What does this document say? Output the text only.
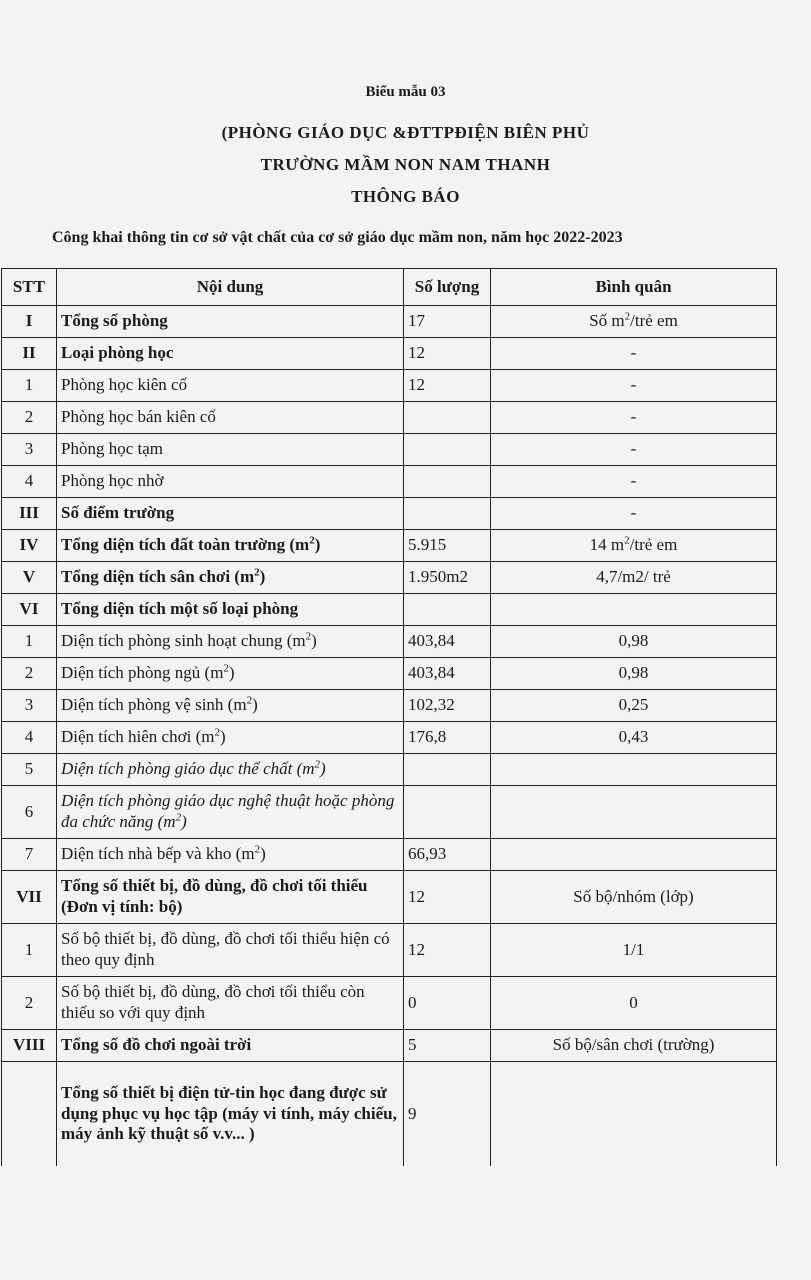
Biểu mẫu 03
(PHÒNG GIÁO DỤC &ĐTTPĐIỆN BIÊN PHỦ
TRƯỜNG MẦM NON NAM THANH
THÔNG BÁO
Công khai thông tin cơ sở vật chất của cơ sở giáo dục mầm non, năm học 2022-2023
STT	Nội dung	Số lượng	Bình quân
I	Tổng số phòng	17	Số $m^2$/trẻ em
II	Loại phòng học	12	-
1	Phòng học kiên cố	12	-
2	Phòng học bán kiên cố		-
3	Phòng học tạm		-
4	Phòng học nhờ		-
III	Số điểm trường		-
IV	Tổng diện tích đất toàn trường $(m^2)$	5.915	14 $m^2$/trẻ em
V	Tổng diện tích sân chơi $(m^2)$	1.950m2	4,7/m2/ trẻ
VI	Tổng diện tích một số loại phòng		
1	Diện tích phòng sinh hoạt chung $(m^2)$	403,84	0,98
2	Diện tích phòng ngủ $(m^2)$	403,84	0,98
3	Diện tích phòng vệ $\sinh (m^2)$	102,32	0,25
4	Diện tích hiên chơi $(m^2)$	176,8	0,43
5	Diện tích phòng giáo dục thể chất $(m^2)$		
6	Diện tích phòng giáo dục nghệ thuật hoặc phòng đa chức năng $(m^2)$		
7	Diện tích nhà bếp và kho $(m^2)$	66,93	
VII	Tổng số thiết bị, đồ dùng, đồ chơi tối thiểu (Đơn vị tính: bộ)	12	Số bộ/nhóm (lớp)
1	Số bộ thiết bị, đồ dùng, đồ chơi tối thiểu hiện có theo quy định	12	1/1
2	Số bộ thiết bị, đồ dùng, đồ chơi tối thiểu còn thiếu so với quy định	0	0
VIII	Tổng số đồ chơi ngoài trời	5	Số bộ/sân chơi (trường)
	Tổng số thiết bị điện tử-tin học đang được sử dụng phục vụ học tập (máy vi tính, máy chiếu, máy ảnh kỹ thuật số v.v... )	9	
